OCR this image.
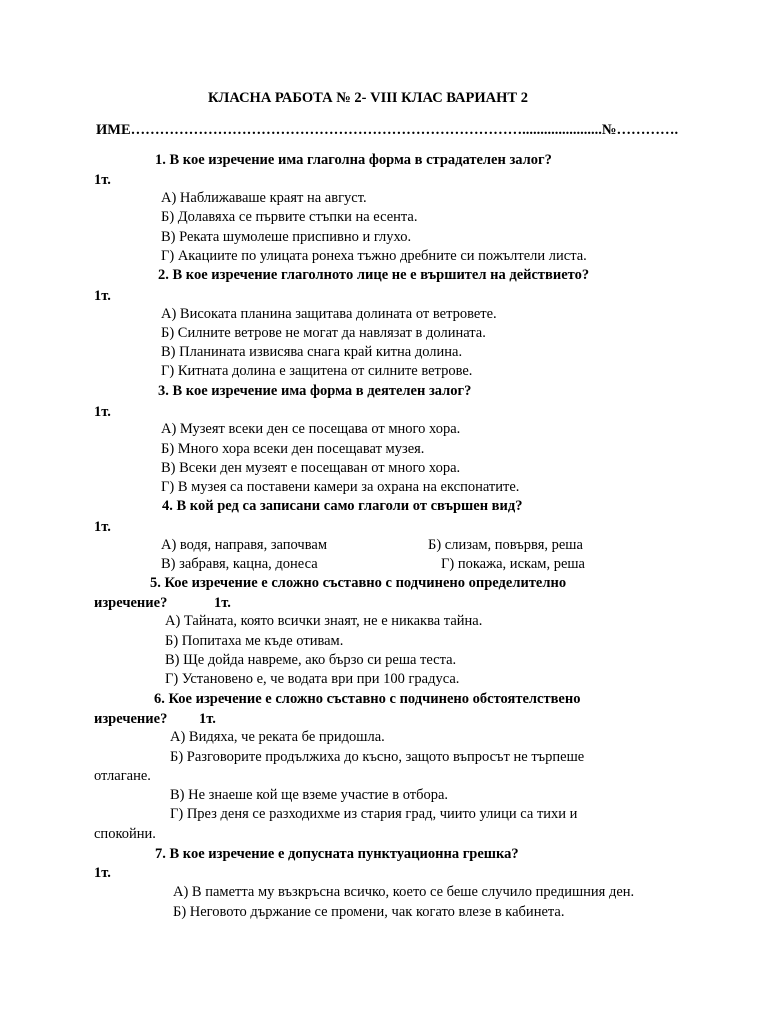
КЛАСНА РАБОТА № 2- VIII КЛАС ВАРИАНТ 2
ИМЕ………………………………………………………………………......................№………….
1. В кое изречение има глаголна форма в страдателен залог?
1т.
А) Наближаваше краят на август.
Б) Долавяха се първите стъпки на есента.
В) Реката шумолеше приспивно и глухо.
Г) Акациите по улицата ронеха тъжно дребните си пожълтели листа.
2. В кое изречение глаголното лице не е вършител на действието?
1т.
А) Високата планина защитава долината от ветровете.
Б) Силните ветрове не могат да навлязат в долината.
В) Планината извисява снага край китна долина.
Г) Китната долина е защитена от силните ветрове.
3. В кое изречение има форма в деятелен залог?
1т.
А) Музеят всеки ден се посещава от много хора.
Б) Много хора всеки ден посещават музея.
В) Всеки ден музеят е посещаван от много хора.
Г) В музея са поставени камери за охрана на експонатите.
4. В кой ред са записани само глаголи от свършен вид?
1т.
А) водя, направя, започвам	Б) слизам, повървя, реша
В) забравя, кацна, донеса	Г) покажа, искам, реша
5. Кое изречение е сложно съставно с подчинено определително
изречение?	1т.
А) Тайната, която всички знаят, не е никаква тайна.
Б) Попитаха ме къде отивам.
В) Ще дойда навреме, ако бързо си реша теста.
Г) Установено е, че водата ври при 100 градуса.
6. Кое изречение е сложно съставно с подчинено обстоятелствено
изречение? 1т.
А) Видяха, че реката бе придошла.
Б) Разговорите продължиха до късно, защото въпросът не търпеше
отлагане.
В) Не знаеше кой ще вземе участие в отбора.
Г) През деня се разходихме из стария град, чиито улици са тихи и
спокойни.
7. В кое изречение е допусната пунктуационна грешка?
1т.
А) В паметта му възкръсна всичко, което се беше случило предишния ден.
Б) Неговото държание се промени, чак когато влезе в кабинета.
